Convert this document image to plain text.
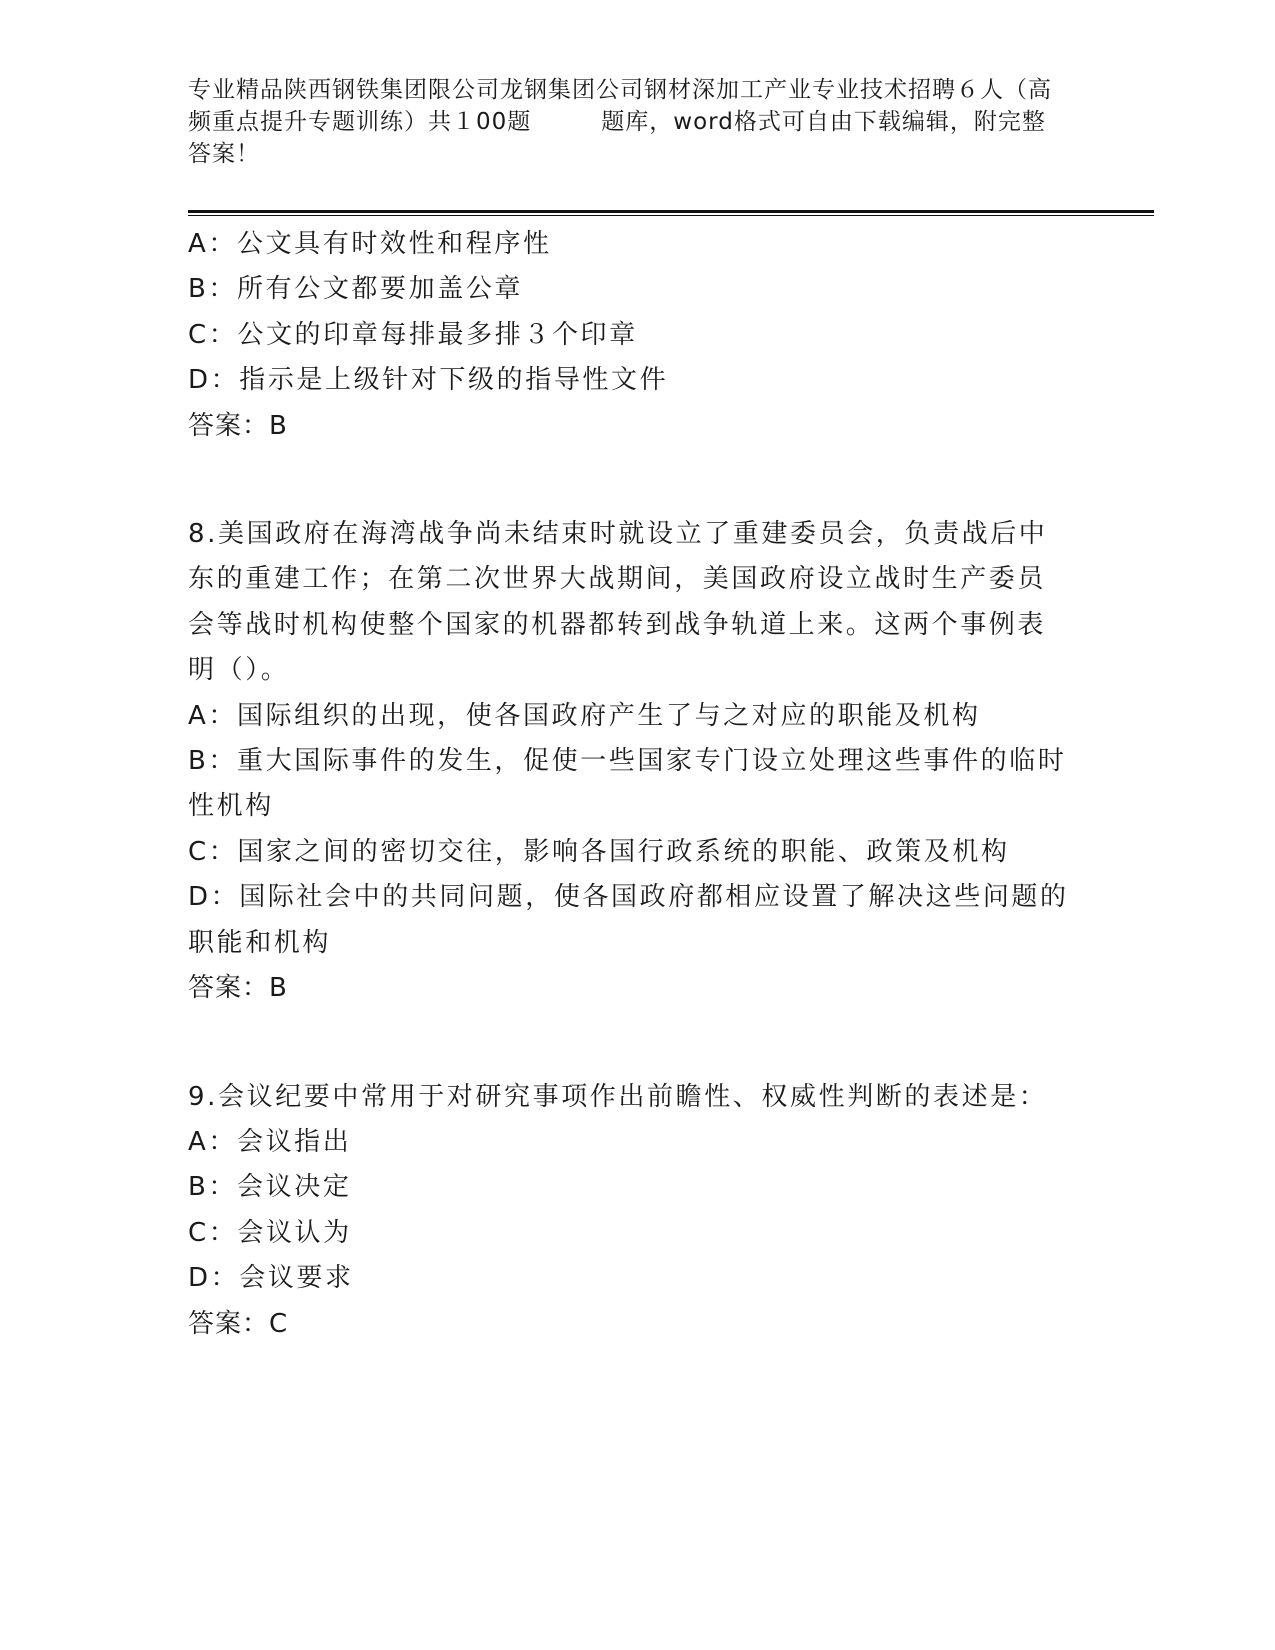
专业精品陕西钢铁集团限公司龙钢集团公司钢材深加工产业专业技术招聘６人（高
频重点提升专题训练）共１00题	题库，word格式可自由下载编辑，附完整
答案！
A：公文具有时效性和程序性
B：所有公文都要加盖公章
C：公文的印章每排最多排３个印章
D：指示是上级针对下级的指导性文件
答案：B
8.美国政府在海湾战争尚未结束时就设立了重建委员会，负责战后中
东的重建工作；在第二次世界大战期间，美国政府设立战时生产委员
会等战时机构使整个国家的机器都转到战争轨道上来。这两个事例表
明（）。
A：国际组织的出现，使各国政府产生了与之对应的职能及机构
B：重大国际事件的发生，促使一些国家专门设立处理这些事件的临时
性机构
C：国家之间的密切交往，影响各国行政系统的职能、政策及机构
D：国际社会中的共同问题，使各国政府都相应设置了解决这些问题的
职能和机构
答案：B
9.会议纪要中常用于对研究事项作出前瞻性、权威性判断的表述是：
A：会议指出
B：会议决定
C：会议认为
D：会议要求
答案：C
